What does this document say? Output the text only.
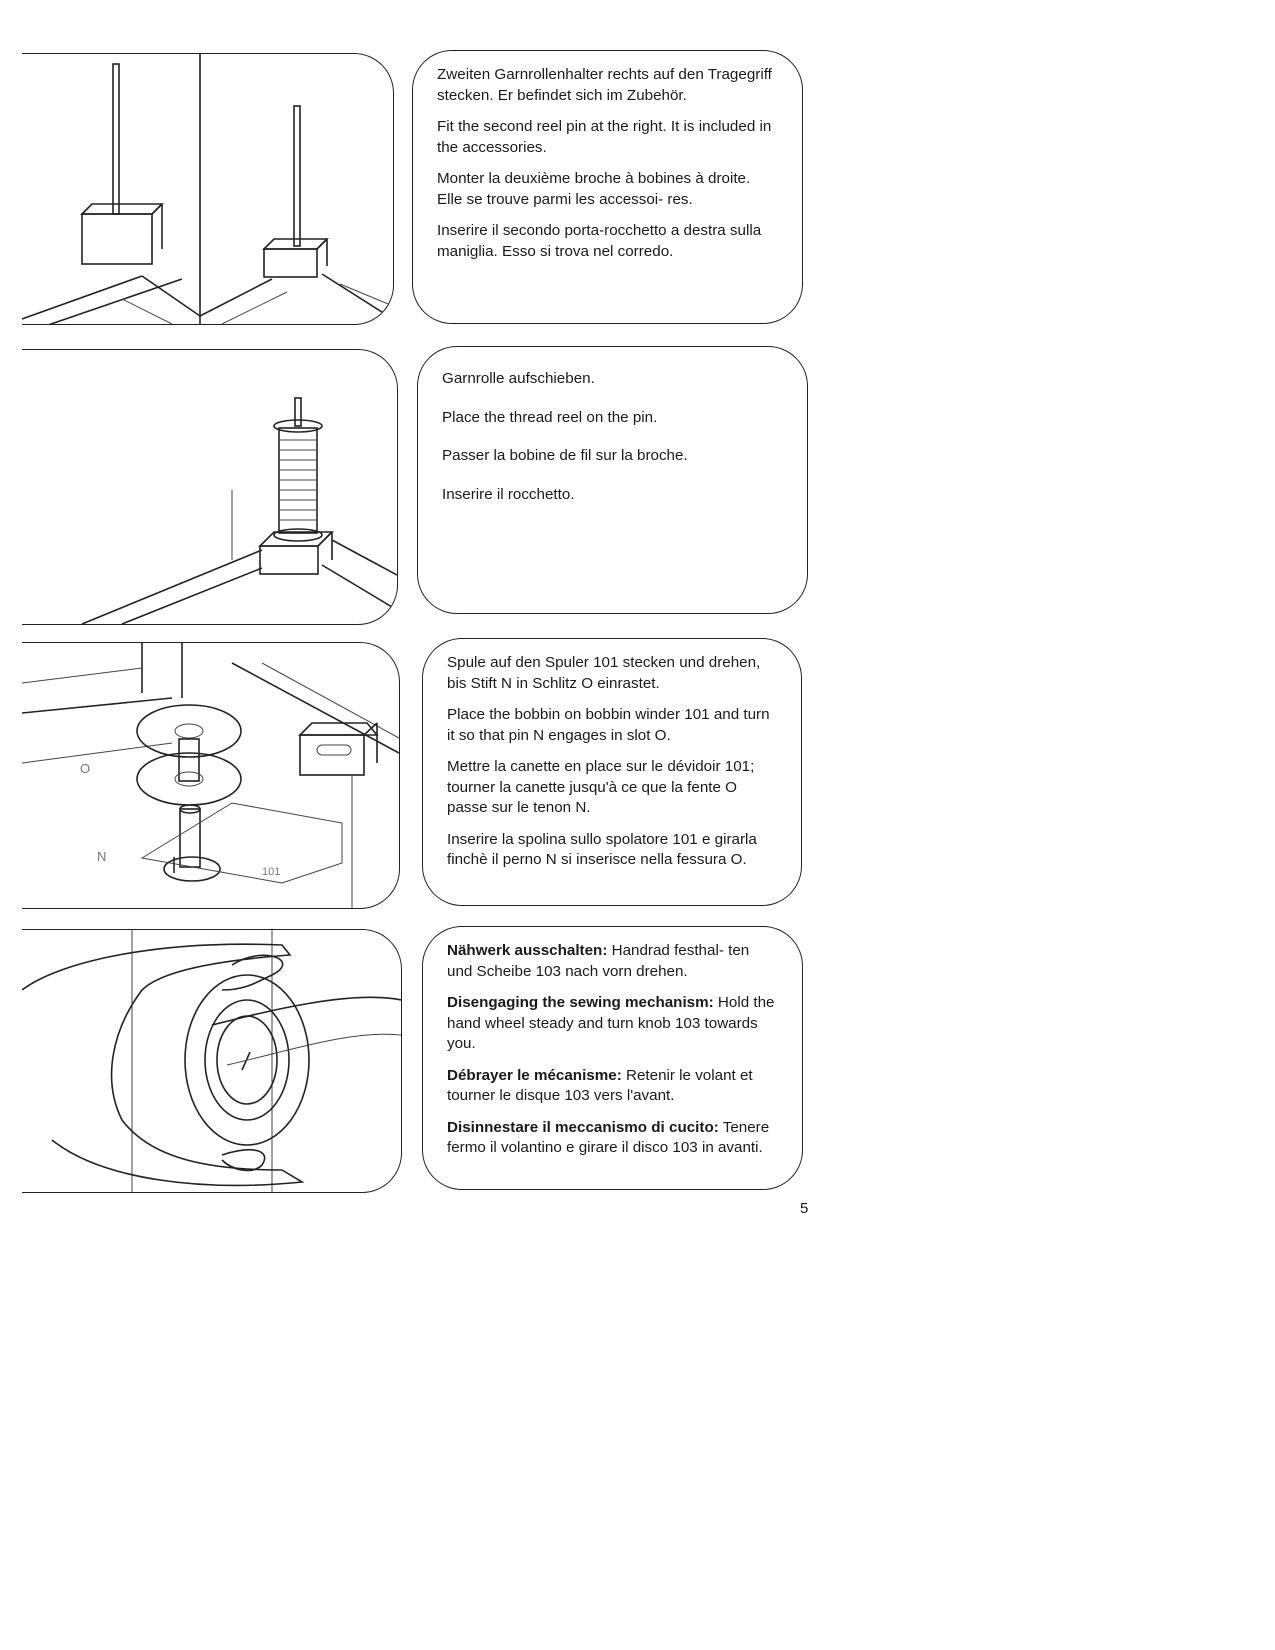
Zweiten Garnrollenhalter rechts auf den Tragegriff stecken. Er befindet sich im Zubehör.

Fit the second reel pin at the right. It is included in the accessories.

Monter la deuxième broche à bobines à droite. Elle se trouve parmi les accessoi- res.

Inserire il secondo porta-rocchetto a destra sulla maniglia. Esso si trova nel corredo.

Garnrolle aufschieben.

Place the thread reel on the pin.

Passer la bobine de fil sur la broche.

Inserire il rocchetto.

N
O
101

Spule auf den Spuler 101 stecken und drehen, bis Stift N in Schlitz O einrastet.

Place the bobbin on bobbin winder 101 and turn it so that pin N engages in slot O.

Mettre la canette en place sur le dévidoir 101; tourner la canette jusqu'à ce que la fente O passe sur le tenon N.

Inserire la spolina sullo spolatore 101 e girarla finchè il perno N si inserisce nella fessura O.

Nähwerk ausschalten: Handrad festhal- ten und Scheibe 103 nach vorn drehen.

Disengaging the sewing mechanism: Hold the hand wheel steady and turn knob 103 towards you.

Débrayer le mécanisme: Retenir le volant et tourner le disque 103 vers l'avant.

Disinnestare il meccanismo di cucito: Tenere fermo il volantino e girare il disco 103 in avanti.

5
